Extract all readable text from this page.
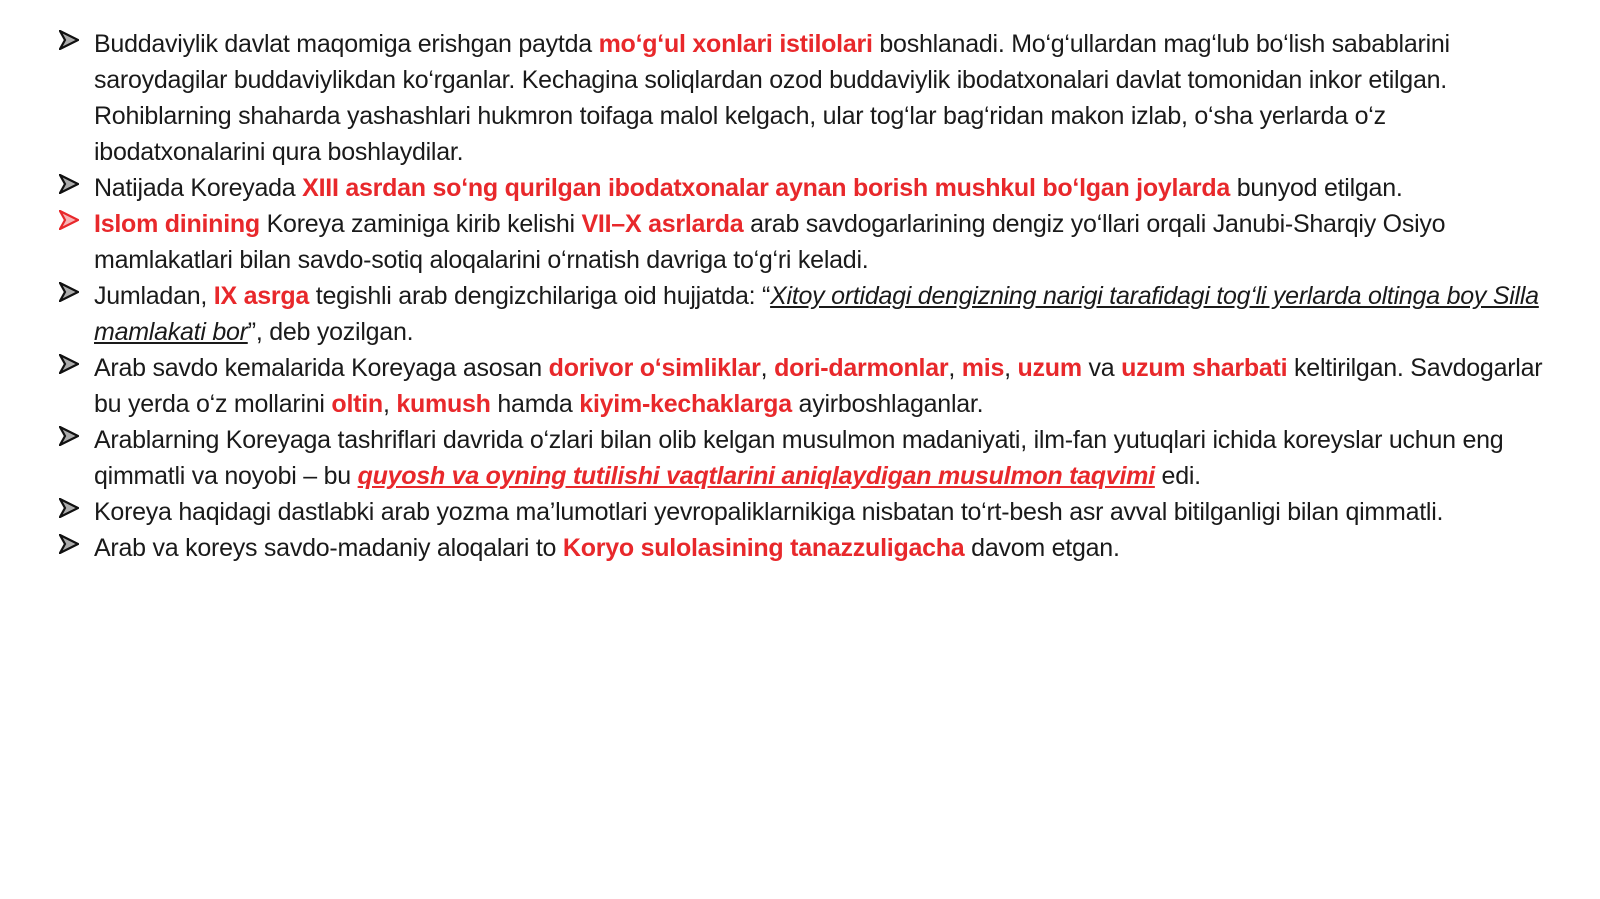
Buddaviylik davlat maqomiga erishgan paytda mo‘g‘ul xonlari istilolari boshlanadi. Mo‘g‘ullardan mag‘lub bo‘lish sabablarini saroydagilar buddaviylikdan ko‘rganlar. Kechagina soliqlardan ozod buddaviylik ibodatxonalari davlat tomonidan inkor etilgan. Rohiblarning shaharda yashashlari hukmron toifaga malol kelgach, ular tog‘lar bag‘ridan makon izlab, o‘sha yerlarda o‘z ibodatxonalarini qura boshlaydilar.
Natijada Koreyada XIII asrdan so‘ng qurilgan ibodatxonalar aynan borish mushkul bo‘lgan joylarda bunyod etilgan.
Islom dinining Koreya zaminiga kirib kelishi VII–X asrlarda arab savdogarlarining dengiz yo‘llari orqali Janubi-Sharqiy Osiyo mamlakatlari bilan savdo-sotiq aloqalarini o‘rnatish davriga to‘g‘ri keladi.
Jumladan, IX asrga tegishli arab dengizchilariga oid hujjatda: “Xitoy ortidagi dengizning narigi tarafidagi tog‘li yerlarda oltinga boy Silla mamlakati bor”, deb yozilgan.
Arab savdo kemalarida Koreyaga asosan dorivor o‘simliklar, dori-darmonlar, mis, uzum va uzum sharbati keltirilgan. Savdogarlar bu yerda o‘z mollarini oltin, kumush hamda kiyim-kechaklarga ayirboshlaganlar.
Arablarning Koreyaga tashriflari davrida o‘zlari bilan olib kelgan musulmon madaniyati, ilm-fan yutuqlari ichida koreyslar uchun eng qimmatli va noyobi – bu quyosh va oyning tutilishi vaqtlarini aniqlaydigan musulmon taqvimi edi.
Koreya haqidagi dastlabki arab yozma ma’lumotlari yevropaliklarnikiga nisbatan to‘rt-besh asr avval bitilganligi bilan qimmatli.
Arab va koreys savdo-madaniy aloqalari to Koryo sulolasining tanazzuligacha davom etgan.
